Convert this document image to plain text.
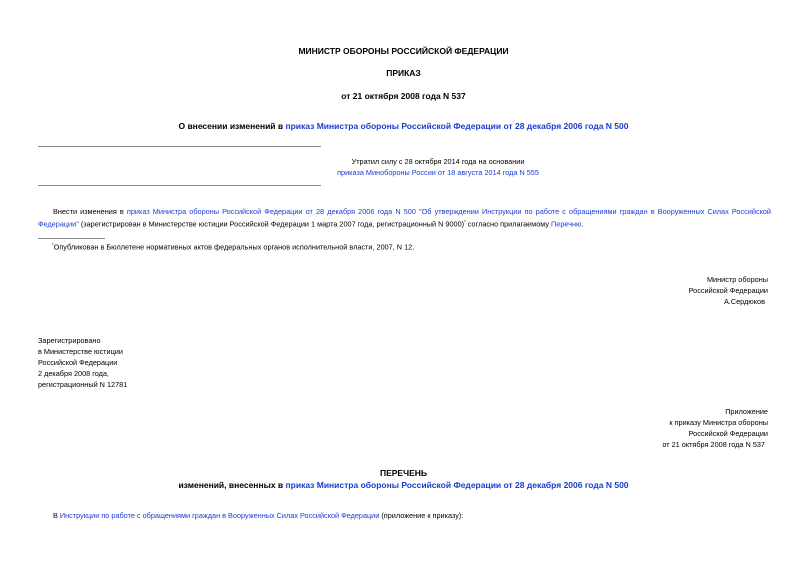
МИНИСТР ОБОРОНЫ РОССИЙСКОЙ ФЕДЕРАЦИИ
ПРИКАЗ
от 21 октября 2008 года N 537
О внесении изменений в приказ Министра обороны Российской Федерации от 28 декабря 2006 года N 500
Утратил силу с 28 октября 2014 года на основании
приказа Минобороны России от 18 августа 2014 года N 555
Внести изменения в приказ Министра обороны Российской Федерации от 28 декабря 2006 года N 500 "Об утверждении Инструкции по работе с обращениями граждан в Вооруженных Силах Российской Федерации" (зарегистрирован в Министерстве юстиции Российской Федерации 1 марта 2007 года, регистрационный N 9000)$^{^1}$ согласно прилагаемому Перечню.
$^{^1}$Опубликован в Бюллетене нормативных актов федеральных органов исполнительной власти, 2007, N 12.
Министр обороны
Российской Федерации
А.Сердюков
Зарегистрировано
в Министерстве юстиции
Российской Федерации
2 декабря 2008 года,
регистрационный N 12781
Приложение
к приказу Министра обороны
Российской Федерации
от 21 октября 2008 года N 537
ПЕРЕЧЕНЬ
изменений, внесенных в приказ Министра обороны Российской Федерации от 28 декабря 2006 года N 500
В Инструкции по работе с обращениями граждан в Вооруженных Силах Российской Федерации (приложение к приказу):
